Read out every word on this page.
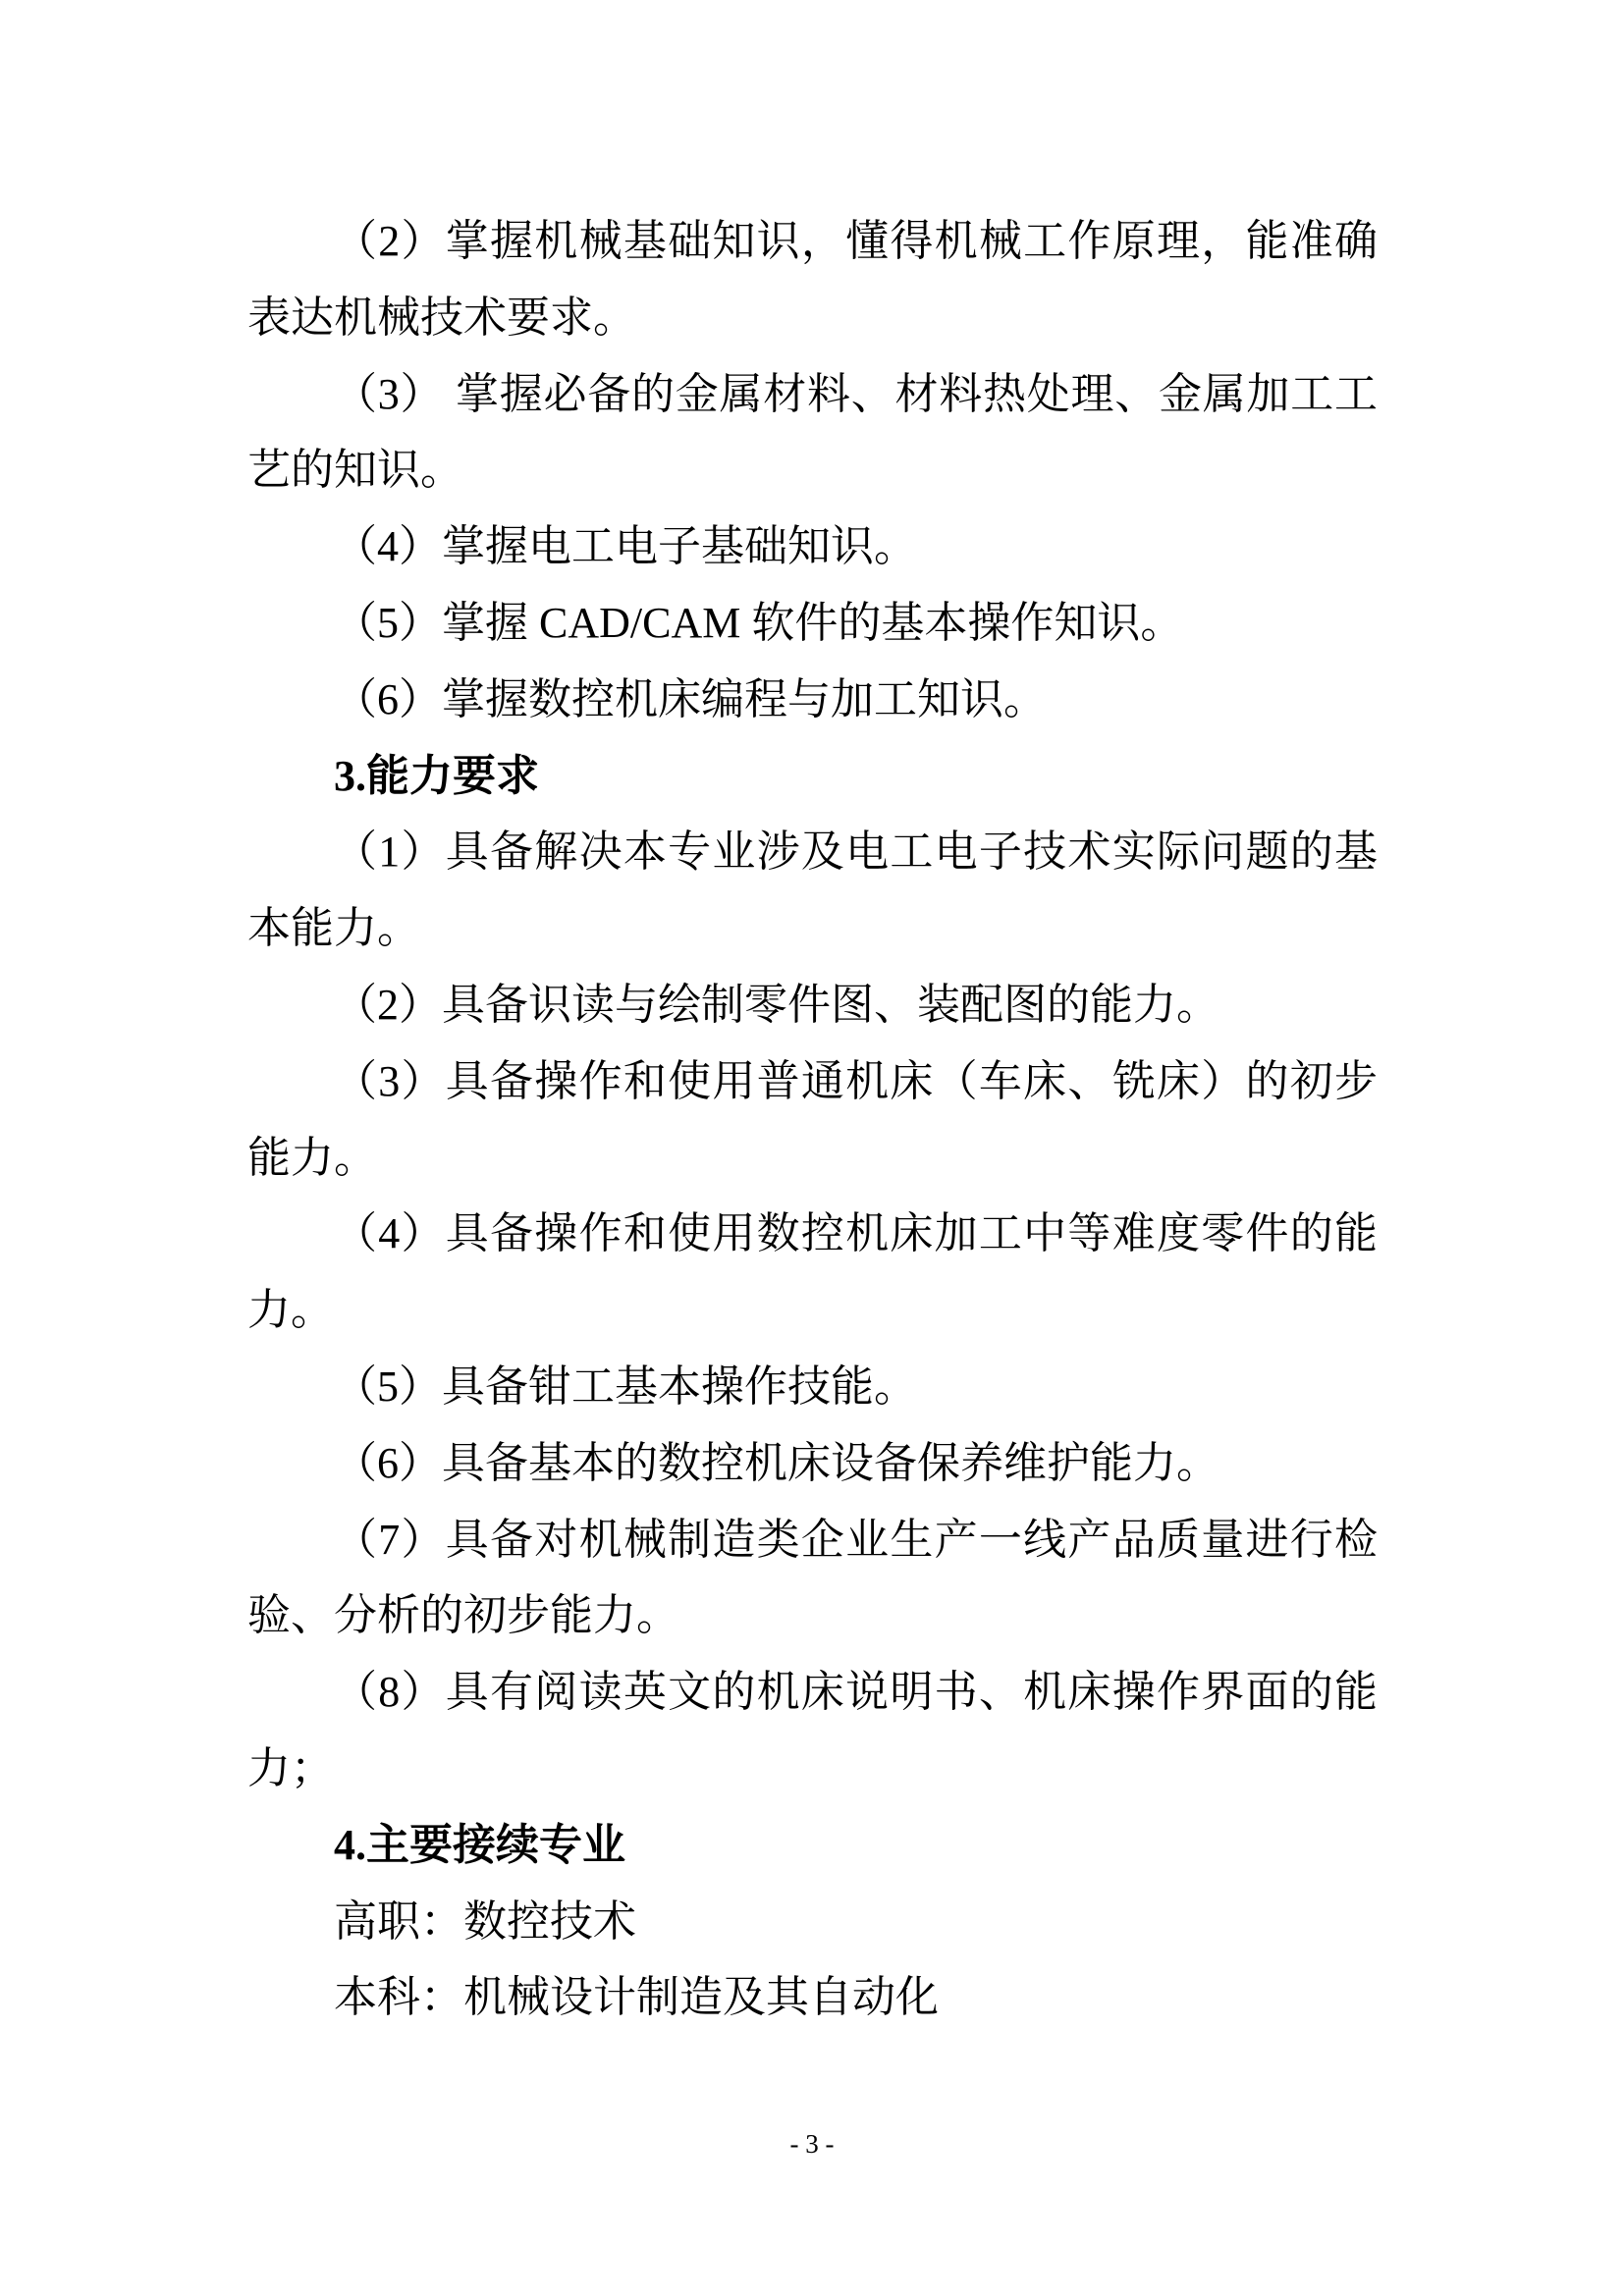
（2）掌握机械基础知识，懂得机械工作原理，能准确
表达机械技术要求。
（3） 掌握必备的金属材料、材料热处理、金属加工工
艺的知识。
（4）掌握电工电子基础知识。
（5）掌握 CAD/CAM 软件的基本操作知识。
（6）掌握数控机床编程与加工知识。
3.能力要求
（1）具备解决本专业涉及电工电子技术实际问题的基
本能力。
（2）具备识读与绘制零件图、装配图的能力。
（3）具备操作和使用普通机床（车床、铣床）的初步
能力。
（4）具备操作和使用数控机床加工中等难度零件的能
力。
（5）具备钳工基本操作技能。
（6）具备基本的数控机床设备保养维护能力。
（7）具备对机械制造类企业生产一线产品质量进行检
验、分析的初步能力。
（8）具有阅读英文的机床说明书、机床操作界面的能
力；
4.主要接续专业
高职：数控技术
本科：机械设计制造及其自动化
- 3 -
